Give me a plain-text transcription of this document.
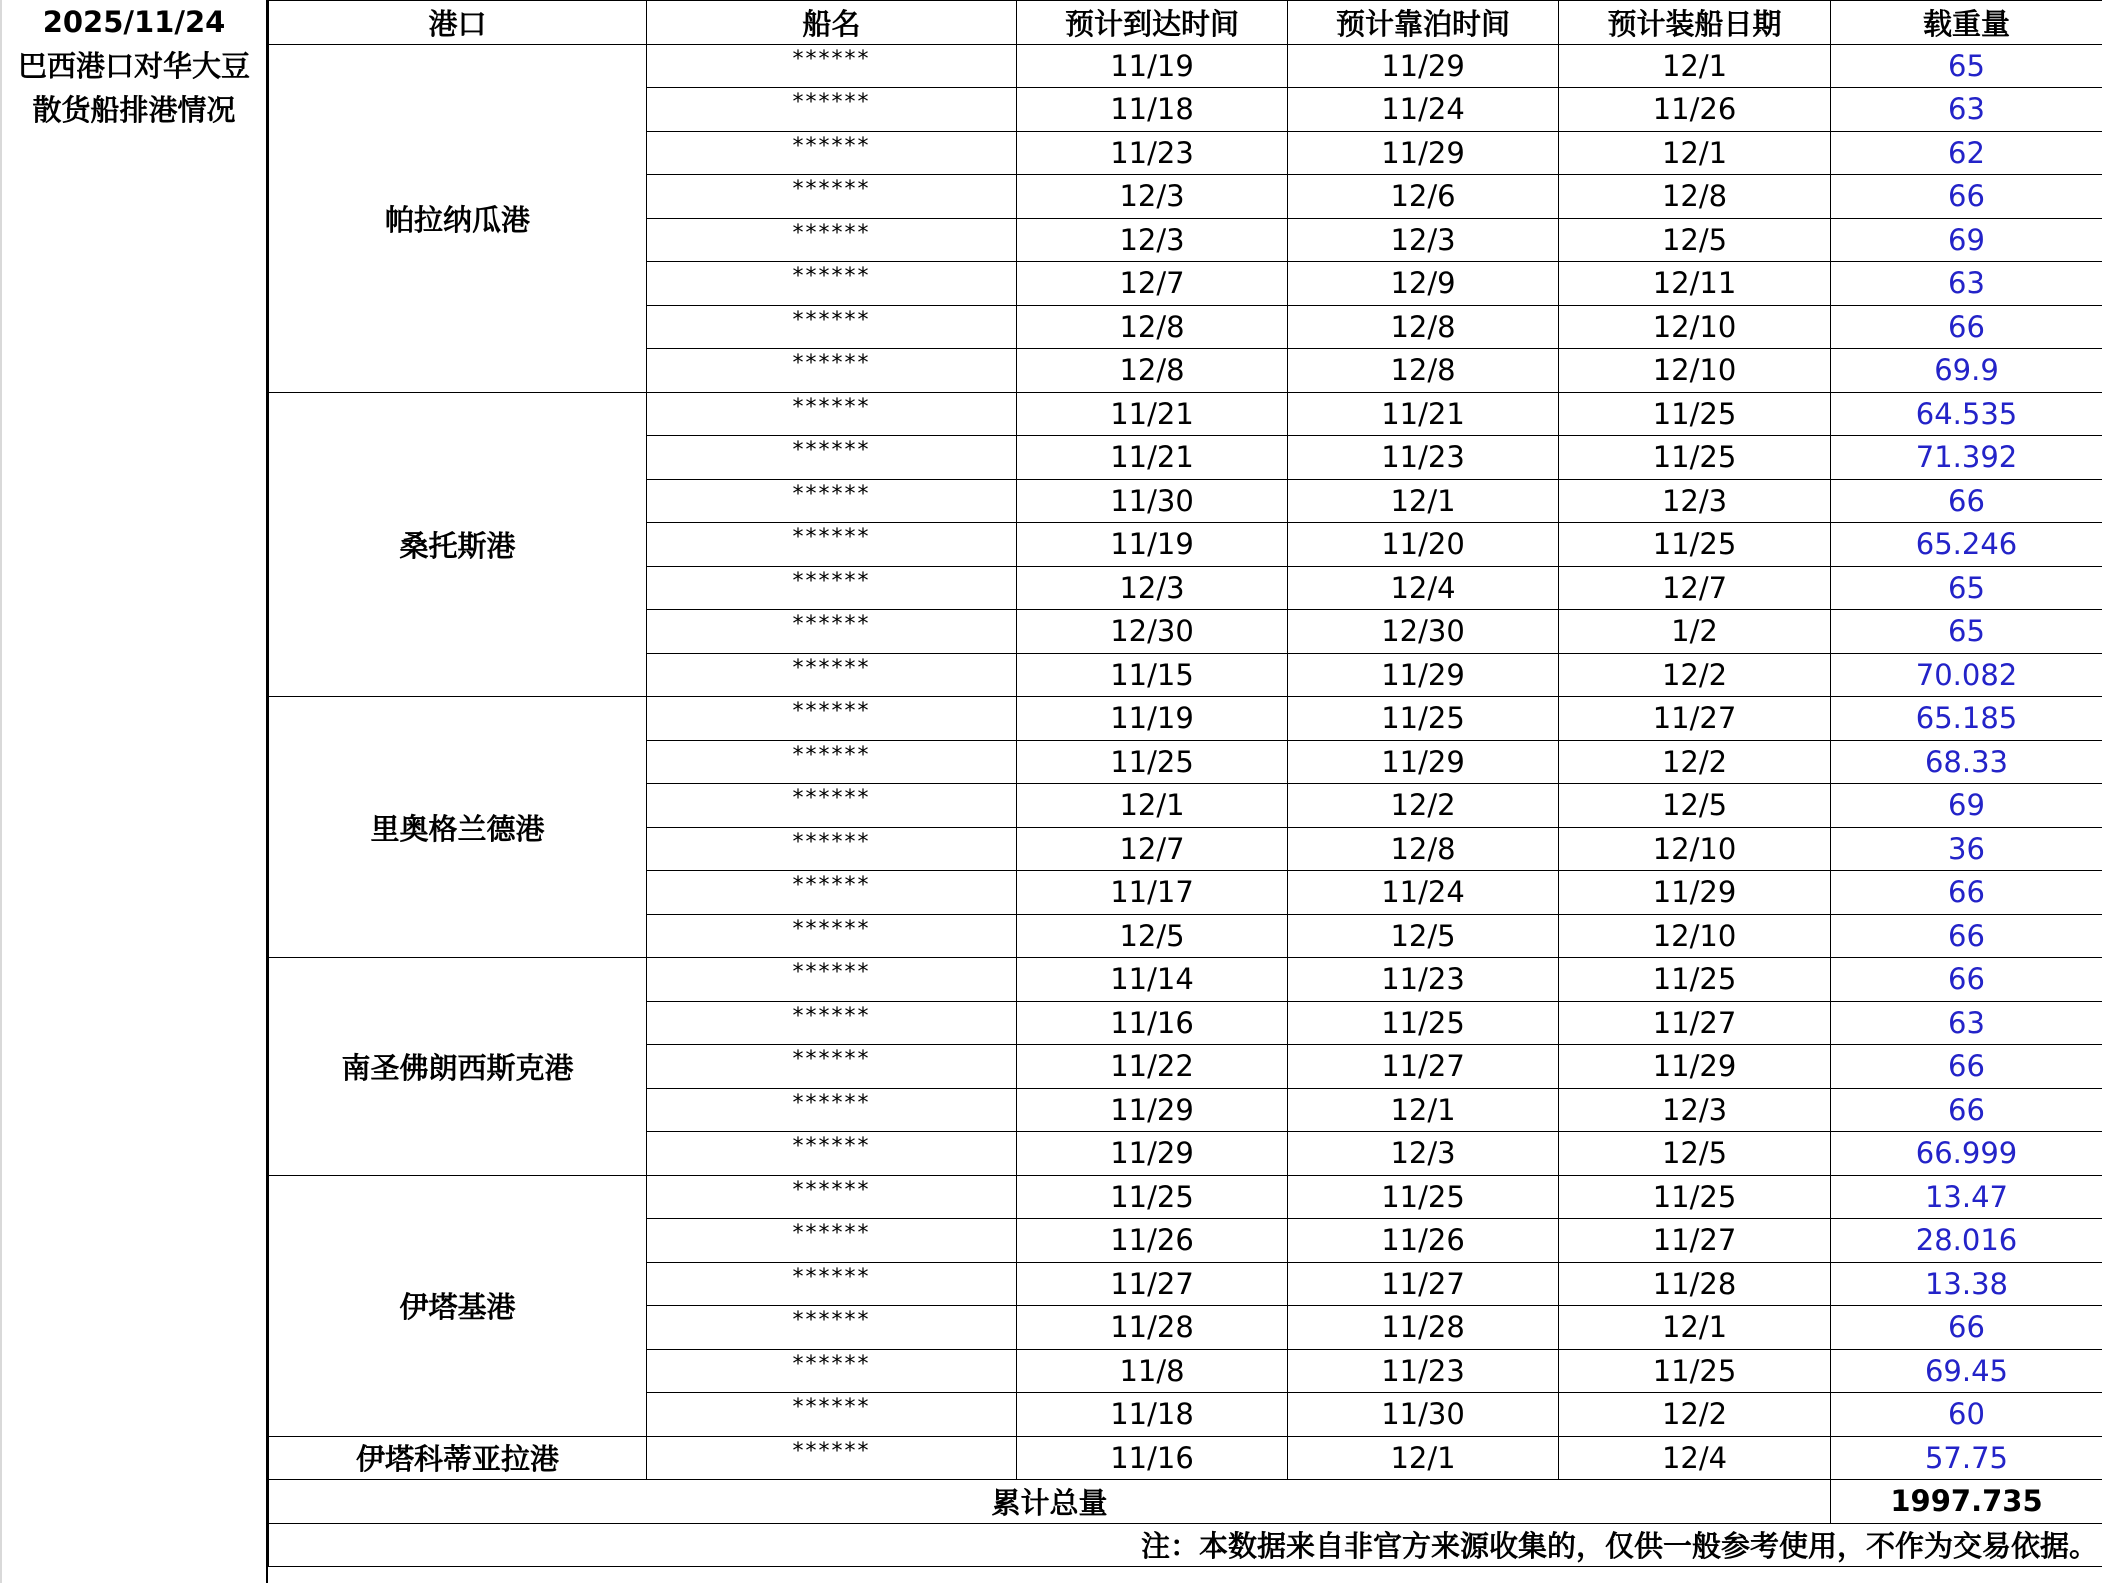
2025/11/24
巴西港口对华大豆
散货船排港情况
港口	船名	预计到达时间	预计靠泊时间	预计装船日期	载重量
帕拉纳瓜港	******	11/19	11/29	12/1	65
	******	11/18	11/24	11/26	63
	******	11/23	11/29	12/1	62
	******	12/3	12/6	12/8	66
	******	12/3	12/3	12/5	69
	******	12/7	12/9	12/11	63
	******	12/8	12/8	12/10	66
	******	12/8	12/8	12/10	69.9
桑托斯港	******	11/21	11/21	11/25	64.535
	******	11/21	11/23	11/25	71.392
	******	11/30	12/1	12/3	66
	******	11/19	11/20	11/25	65.246
	******	12/3	12/4	12/7	65
	******	12/30	12/30	1/2	65
	******	11/15	11/29	12/2	70.082
里奥格兰德港	******	11/19	11/25	11/27	65.185
	******	11/25	11/29	12/2	68.33
	******	12/1	12/2	12/5	69
	******	12/7	12/8	12/10	36
	******	11/17	11/24	11/29	66
	******	12/5	12/5	12/10	66
南圣佛朗西斯克港	******	11/14	11/23	11/25	66
	******	11/16	11/25	11/27	63
	******	11/22	11/27	11/29	66
	******	11/29	12/1	12/3	66
	******	11/29	12/3	12/5	66.999
伊塔基港	******	11/25	11/25	11/25	13.47
	******	11/26	11/26	11/27	28.016
	******	11/27	11/27	11/28	13.38
	******	11/28	11/28	12/1	66
	******	11/8	11/23	11/25	69.45
	******	11/18	11/30	12/2	60
伊塔科蒂亚拉港	******	11/16	12/1	12/4	57.75
累计总量					1997.735
注：本数据来自非官方来源收集的，仅供一般参考使用，不作为交易依据。					
